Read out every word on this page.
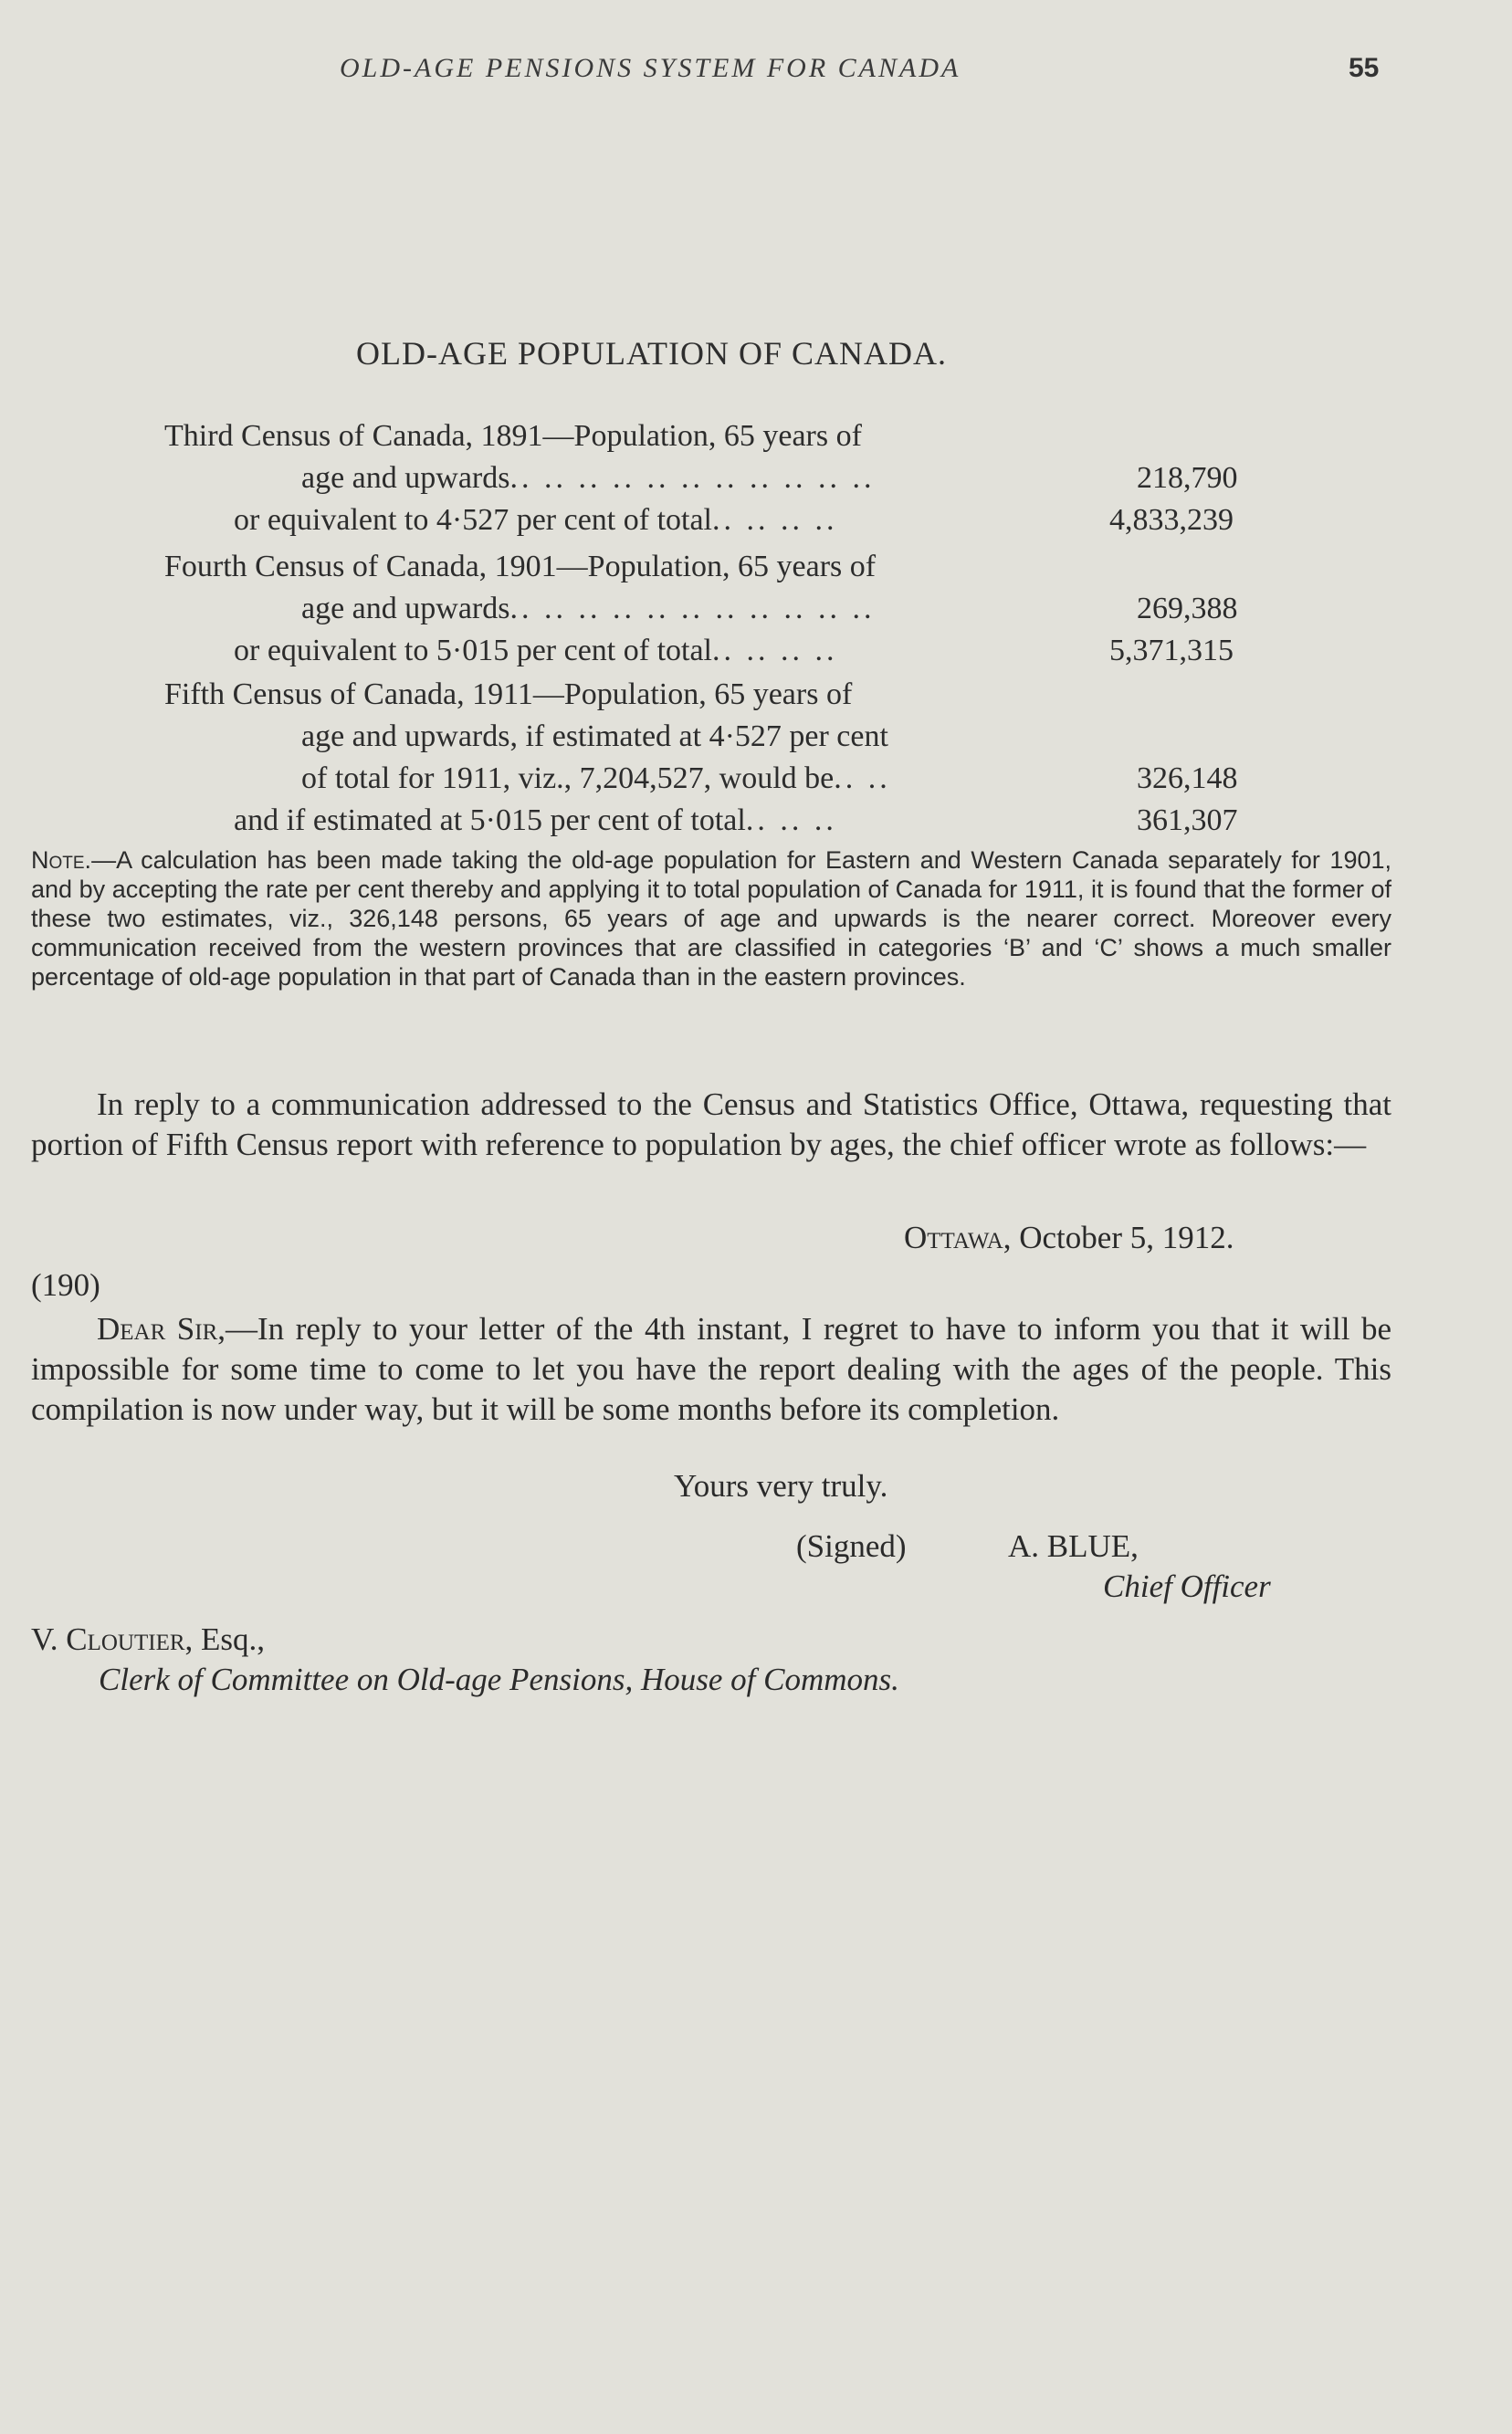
OLD-AGE PENSIONS SYSTEM FOR CANADA	55
OLD-AGE POPULATION OF CANADA.
Third Census of Canada, 1891—Population, 65 years of
age and upwards.. .. .. .. .. .. .. .. .. .. ..	218,790
or equivalent to 4·527 per cent of total.. .. .. ..	4,833,239
Fourth Census of Canada, 1901—Population, 65 years of
age and upwards.. .. .. .. .. .. .. .. .. .. ..	269,388
or equivalent to 5·015 per cent of total.. .. .. ..	5,371,315
Fifth Census of Canada, 1911—Population, 65 years of
age and upwards, if estimated at 4·527 per cent
of total for 1911, viz., 7,204,527, would be.. ..	326,148
and if estimated at 5·015 per cent of total.. .. ..	361,307
Note.—A calculation has been made taking the old-age population for Eastern and Western Canada separately for 1901, and by accepting the rate per cent thereby and applying it to total population of Canada for 1911, it is found that the former of these two estimates, viz., 326,148 persons, 65 years of age and upwards is the nearer correct. Moreover every communication received from the western provinces that are classified in categories ‘B’ and ‘C’ shows a much smaller percentage of old-age population in that part of Canada than in the eastern provinces.
In reply to a communication addressed to the Census and Statistics Office, Ottawa, requesting that portion of Fifth Census report with reference to population by ages, the chief officer wrote as follows:—
Ottawa, October 5, 1912.
(190)
Dear Sir,—In reply to your letter of the 4th instant, I regret to have to inform you that it will be impossible for some time to come to let you have the report dealing with the ages of the people. This compilation is now under way, but it will be some months before its completion.
Yours very truly.
(Signed)	A. BLUE,
Chief Officer
V. Cloutier, Esq.,
Clerk of Committee on Old-age Pensions, House of Commons.
